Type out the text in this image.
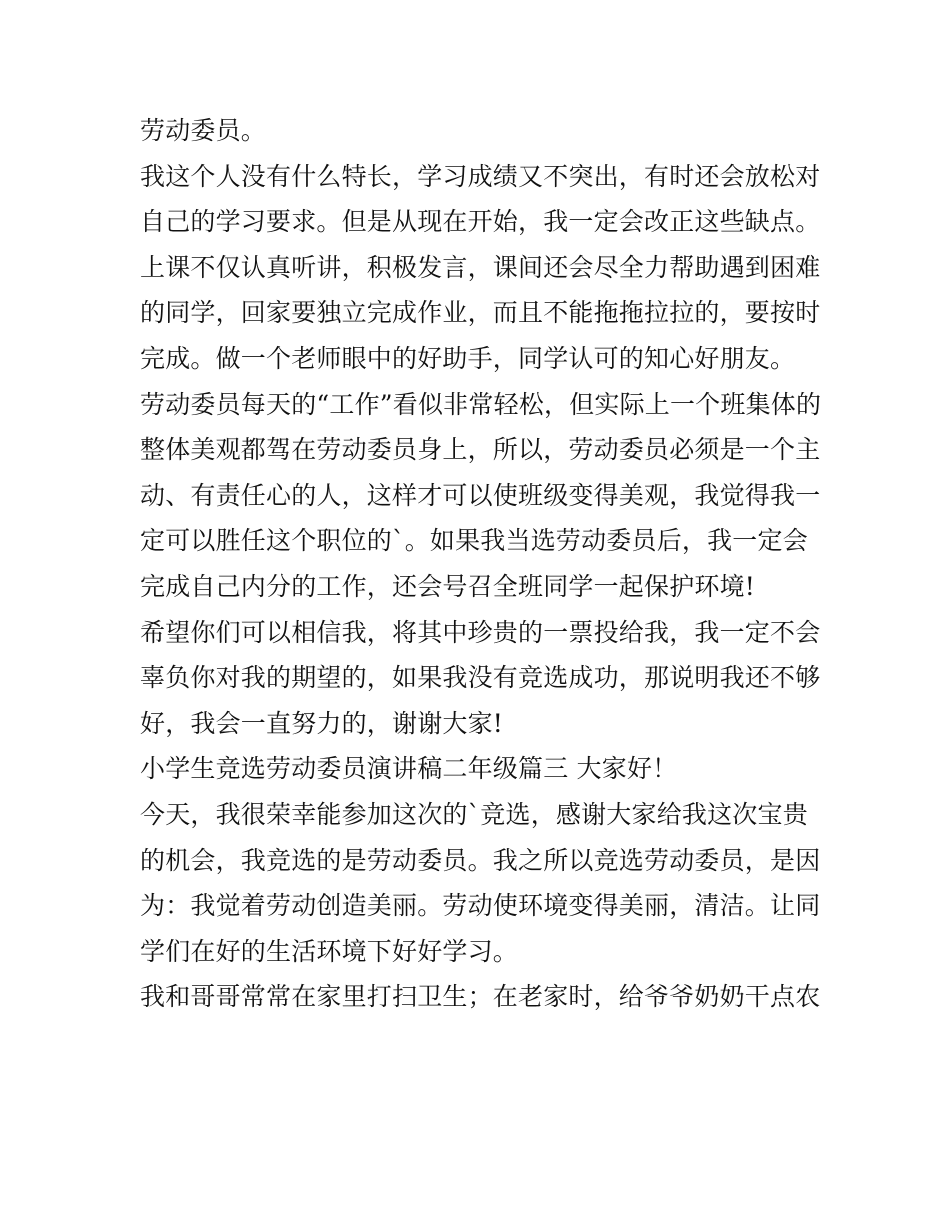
劳动委员。
我这个人没有什么特长，学习成绩又不突出，有时还会放松对
自己的学习要求。但是从现在开始，我一定会改正这些缺点。
上课不仅认真听讲，积极发言，课间还会尽全力帮助遇到困难
的同学，回家要独立完成作业，而且不能拖拖拉拉的，要按时
完成。做一个老师眼中的好助手，同学认可的知心好朋友。
劳动委员每天的“工作”看似非常轻松，但实际上一个班集体的
整体美观都驾在劳动委员身上，所以，劳动委员必须是一个主
动、有责任心的人，这样才可以使班级变得美观，我觉得我一
定可以胜任这个职位的`。如果我当选劳动委员后，我一定会
完成自己内分的工作，还会号召全班同学一起保护环境!
希望你们可以相信我，将其中珍贵的一票投给我，我一定不会
辜负你对我的期望的，如果我没有竞选成功，那说明我还不够
好，我会一直努力的，谢谢大家!
小学生竞选劳动委员演讲稿二年级篇三 大家好！
今天，我很荣幸能参加这次的`竞选，感谢大家给我这次宝贵
的机会，我竞选的是劳动委员。我之所以竞选劳动委员，是因
为：我觉着劳动创造美丽。劳动使环境变得美丽，清洁。让同
学们在好的生活环境下好好学习。
我和哥哥常常在家里打扫卫生；在老家时，给爷爷奶奶干点农
